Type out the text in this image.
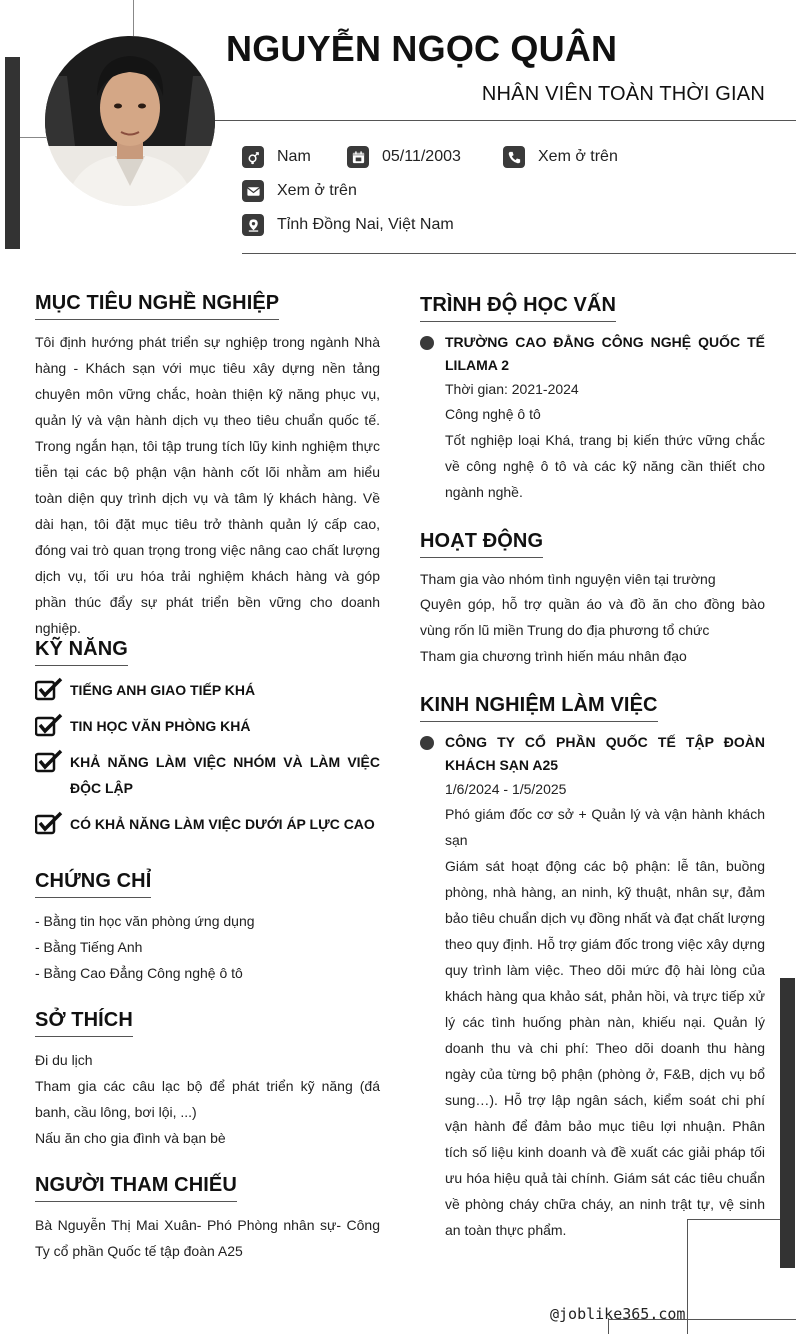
NGUYỄN NGỌC QUÂN
NHÂN VIÊN TOÀN THỜI GIAN
Nam	05/11/2003	Xem ở trên
Xem ở trên
Tỉnh Đồng Nai, Việt Nam
MỤC TIÊU NGHỀ NGHIỆP
Tôi định hướng phát triển sự nghiệp trong ngành Nhà hàng - Khách sạn với mục tiêu xây dựng nền tảng chuyên môn vững chắc, hoàn thiện kỹ năng phục vụ, quản lý và vận hành dịch vụ theo tiêu chuẩn quốc tế. Trong ngắn hạn, tôi tập trung tích lũy kinh nghiệm thực tiễn tại các bộ phận vận hành cốt lõi nhằm am hiểu toàn diện quy trình dịch vụ và tâm lý khách hàng. Về dài hạn, tôi đặt mục tiêu trở thành quản lý cấp cao, đóng vai trò quan trọng trong việc nâng cao chất lượng dịch vụ, tối ưu hóa trải nghiệm khách hàng và góp phần thúc đẩy sự phát triển bền vững cho doanh nghiệp.
KỸ NĂNG
TIẾNG ANH GIAO TIẾP KHÁ
TIN HỌC VĂN PHÒNG KHÁ
KHẢ NĂNG LÀM VIỆC NHÓM VÀ LÀM VIỆC ĐỘC LẬP
CÓ KHẢ NĂNG LÀM VIỆC DƯỚI ÁP LỰC CAO
CHỨNG CHỈ
- Bằng tin học văn phòng ứng dụng
- Bằng Tiếng Anh
- Bằng Cao Đẳng Công nghệ ô tô
SỞ THÍCH
Đi du lịch
Tham gia các câu lạc bộ để phát triển kỹ năng (đá banh, cầu lông, bơi lội, ...)
Nấu ăn cho gia đình và bạn bè
NGƯỜI THAM CHIẾU
Bà Nguyễn Thị Mai Xuân- Phó Phòng nhân sự- Công Ty cổ phần Quốc tế tập đoàn A25
TRÌNH ĐỘ HỌC VẤN
TRƯỜNG CAO ĐẲNG CÔNG NGHỆ QUỐC TẾ LILAMA 2
Thời gian: 2021-2024
Công nghệ ô tô
Tốt nghiệp loại Khá, trang bị kiến thức vững chắc về công nghệ ô tô và các kỹ năng cần thiết cho ngành nghề.
HOẠT ĐỘNG
Tham gia vào nhóm tình nguyện viên tại trường
Quyên góp, hỗ trợ quần áo và đồ ăn cho đồng bào vùng rốn lũ miền Trung do địa phương tổ chức
Tham gia chương trình hiến máu nhân đạo
KINH NGHIỆM LÀM VIỆC
CÔNG TY CỔ PHẦN QUỐC TẾ TẬP ĐOÀN KHÁCH SẠN A25
1/6/2024 - 1/5/2025
Phó giám đốc cơ sở + Quản lý và vận hành khách sạn
Giám sát hoạt động các bộ phận: lễ tân, buồng phòng, nhà hàng, an ninh, kỹ thuật, nhân sự, đảm bảo tiêu chuẩn dịch vụ đồng nhất và đạt chất lượng theo quy định. Hỗ trợ giám đốc trong việc xây dựng quy trình làm việc. Theo dõi mức độ hài lòng của khách hàng qua khảo sát, phản hồi, và trực tiếp xử lý các tình huống phàn nàn, khiếu nại. Quản lý doanh thu và chi phí: Theo dõi doanh thu hàng ngày của từng bộ phận (phòng ở, F&B, dịch vụ bổ sung…). Hỗ trợ lập ngân sách, kiểm soát chi phí vận hành để đảm bảo mục tiêu lợi nhuận. Phân tích số liệu kinh doanh và đề xuất các giải pháp tối ưu hóa hiệu quả tài chính. Giám sát các tiêu chuẩn về phòng cháy chữa cháy, an ninh trật tự, vệ sinh an toàn thực phẩm.
@joblike365.com
